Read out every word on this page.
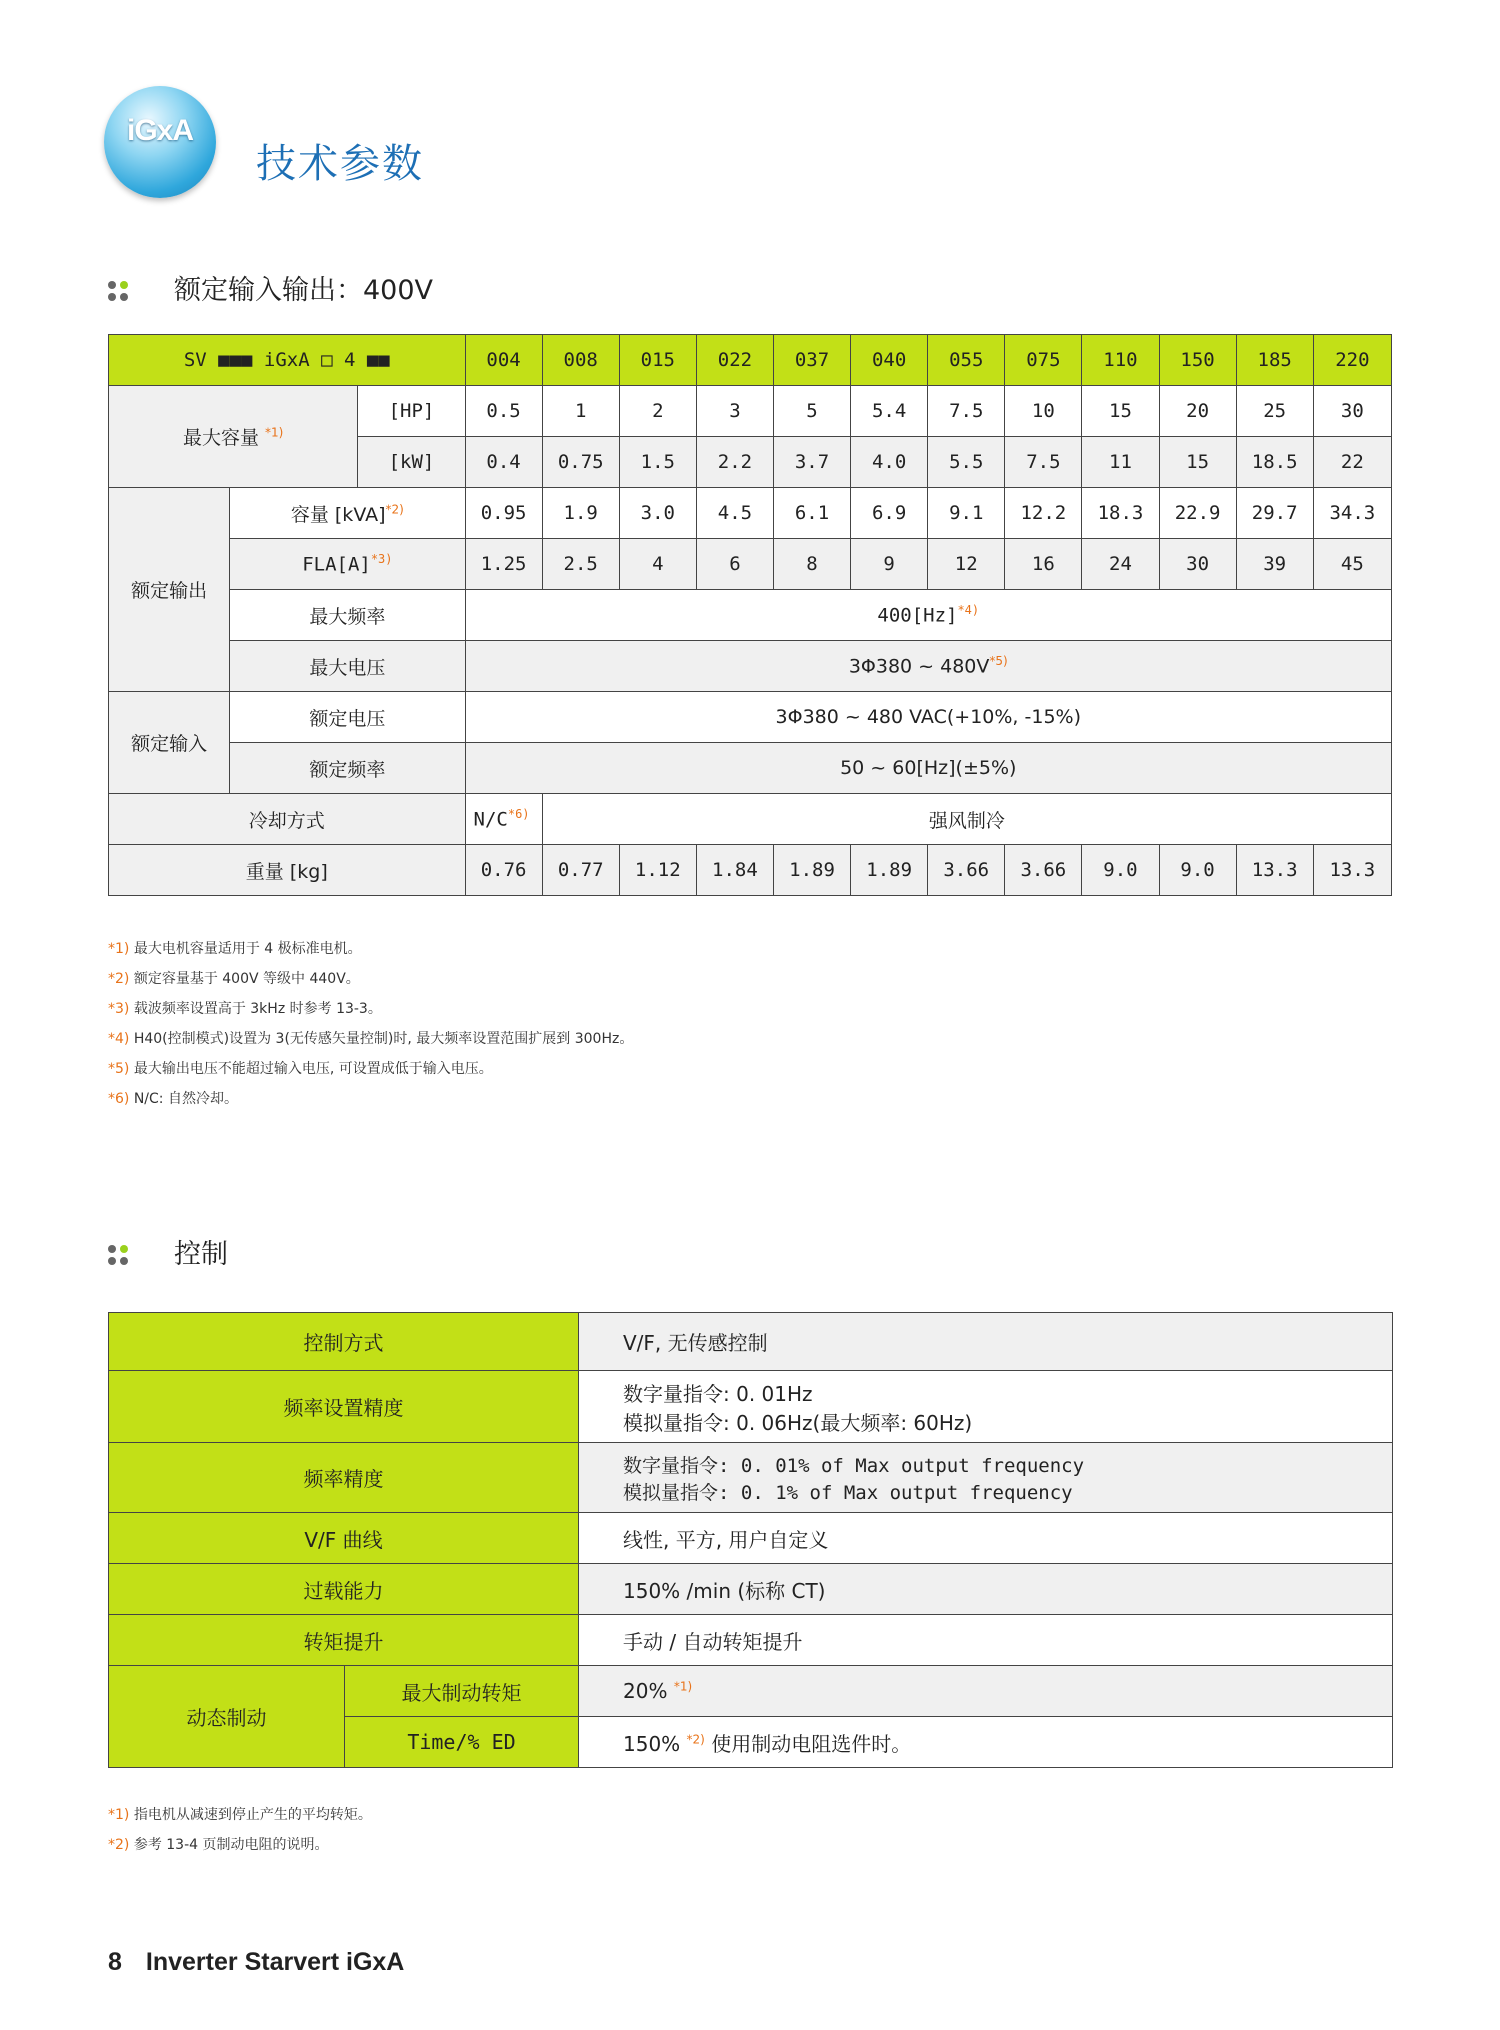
iGxA
技术参数
额定输入输出：400V
SV ■■■ iGxA □ 4 ■■			004	008	015	022	037	040	055	075	110	150	185	220
最大容量 $^{*1)}$		[HP]	0.5	1	2	3	5	5.4	7.5	10	15	20	25	30
		[kW]	0.4	0.75	1.5	2.2	3.7	4.0	5.5	7.5	11	15	18.5	22
额定输出	容量 [kVA]$^{*2)}$		0.95	1.9	3.0	4.5	6.1	6.9	9.1	12.2	18.3	22.9	29.7	34.3
	$FLA[A]^{*3)}$		1.25	2.5	4	6	8	9	12	16	24	30	39	45
	最大频率		$400[Hz]^{*4)}$
	最大电压		3Φ380 ~ $480V^{*5)}$
额定输入	额定电压		3Φ380 ~ 480 VAC(+10%, -15%)											
	额定频率		50 ~ 60[Hz](±5%)											
冷却方式			$N/C^{*6)}$	强风制冷										
重量 [kg]			0.76	0.77	1.12	1.84	1.89	1.89	3.66	3.66	9.0	9.0	13.3	13.3
*1) 最大电机容量适用于 4 极标准电机。
*2) 额定容量基于 400V 等级中 440V。
*3) 载波频率设置高于 3kHz 时参考 13-3。
*4) H40(控制模式)设置为 3(无传感矢量控制)时, 最大频率设置范围扩展到 300Hz。
*5) 最大输出电压不能超过输入电压, 可设置成低于输入电压。
*6) N/C: 自然冷却。
控制
控制方式		V/F, 无传感控制
频率设置精度		数字量指令: 0. 01Hz
模拟量指令: 0. 06Hz(最大频率: 60Hz)

频率精度		数字量指令: 0. 01% of Max output frequency
模拟量指令: 0. 1% of Max output frequency

V/F 曲线		线性, 平方, 用户自定义
过载能力		150% /min (标称 CT)
转矩提升		手动 / 自动转矩提升
动态制动	最大制动转矩	20% $^{*1)}$
	Time/% ED	150% $^{*2)}$ 使用制动电阻选件时。
*1) 指电机从减速到停止产生的平均转矩。
*2) 参考 13-4 页制动电阻的说明。
8 Inverter Starvert iGxA
